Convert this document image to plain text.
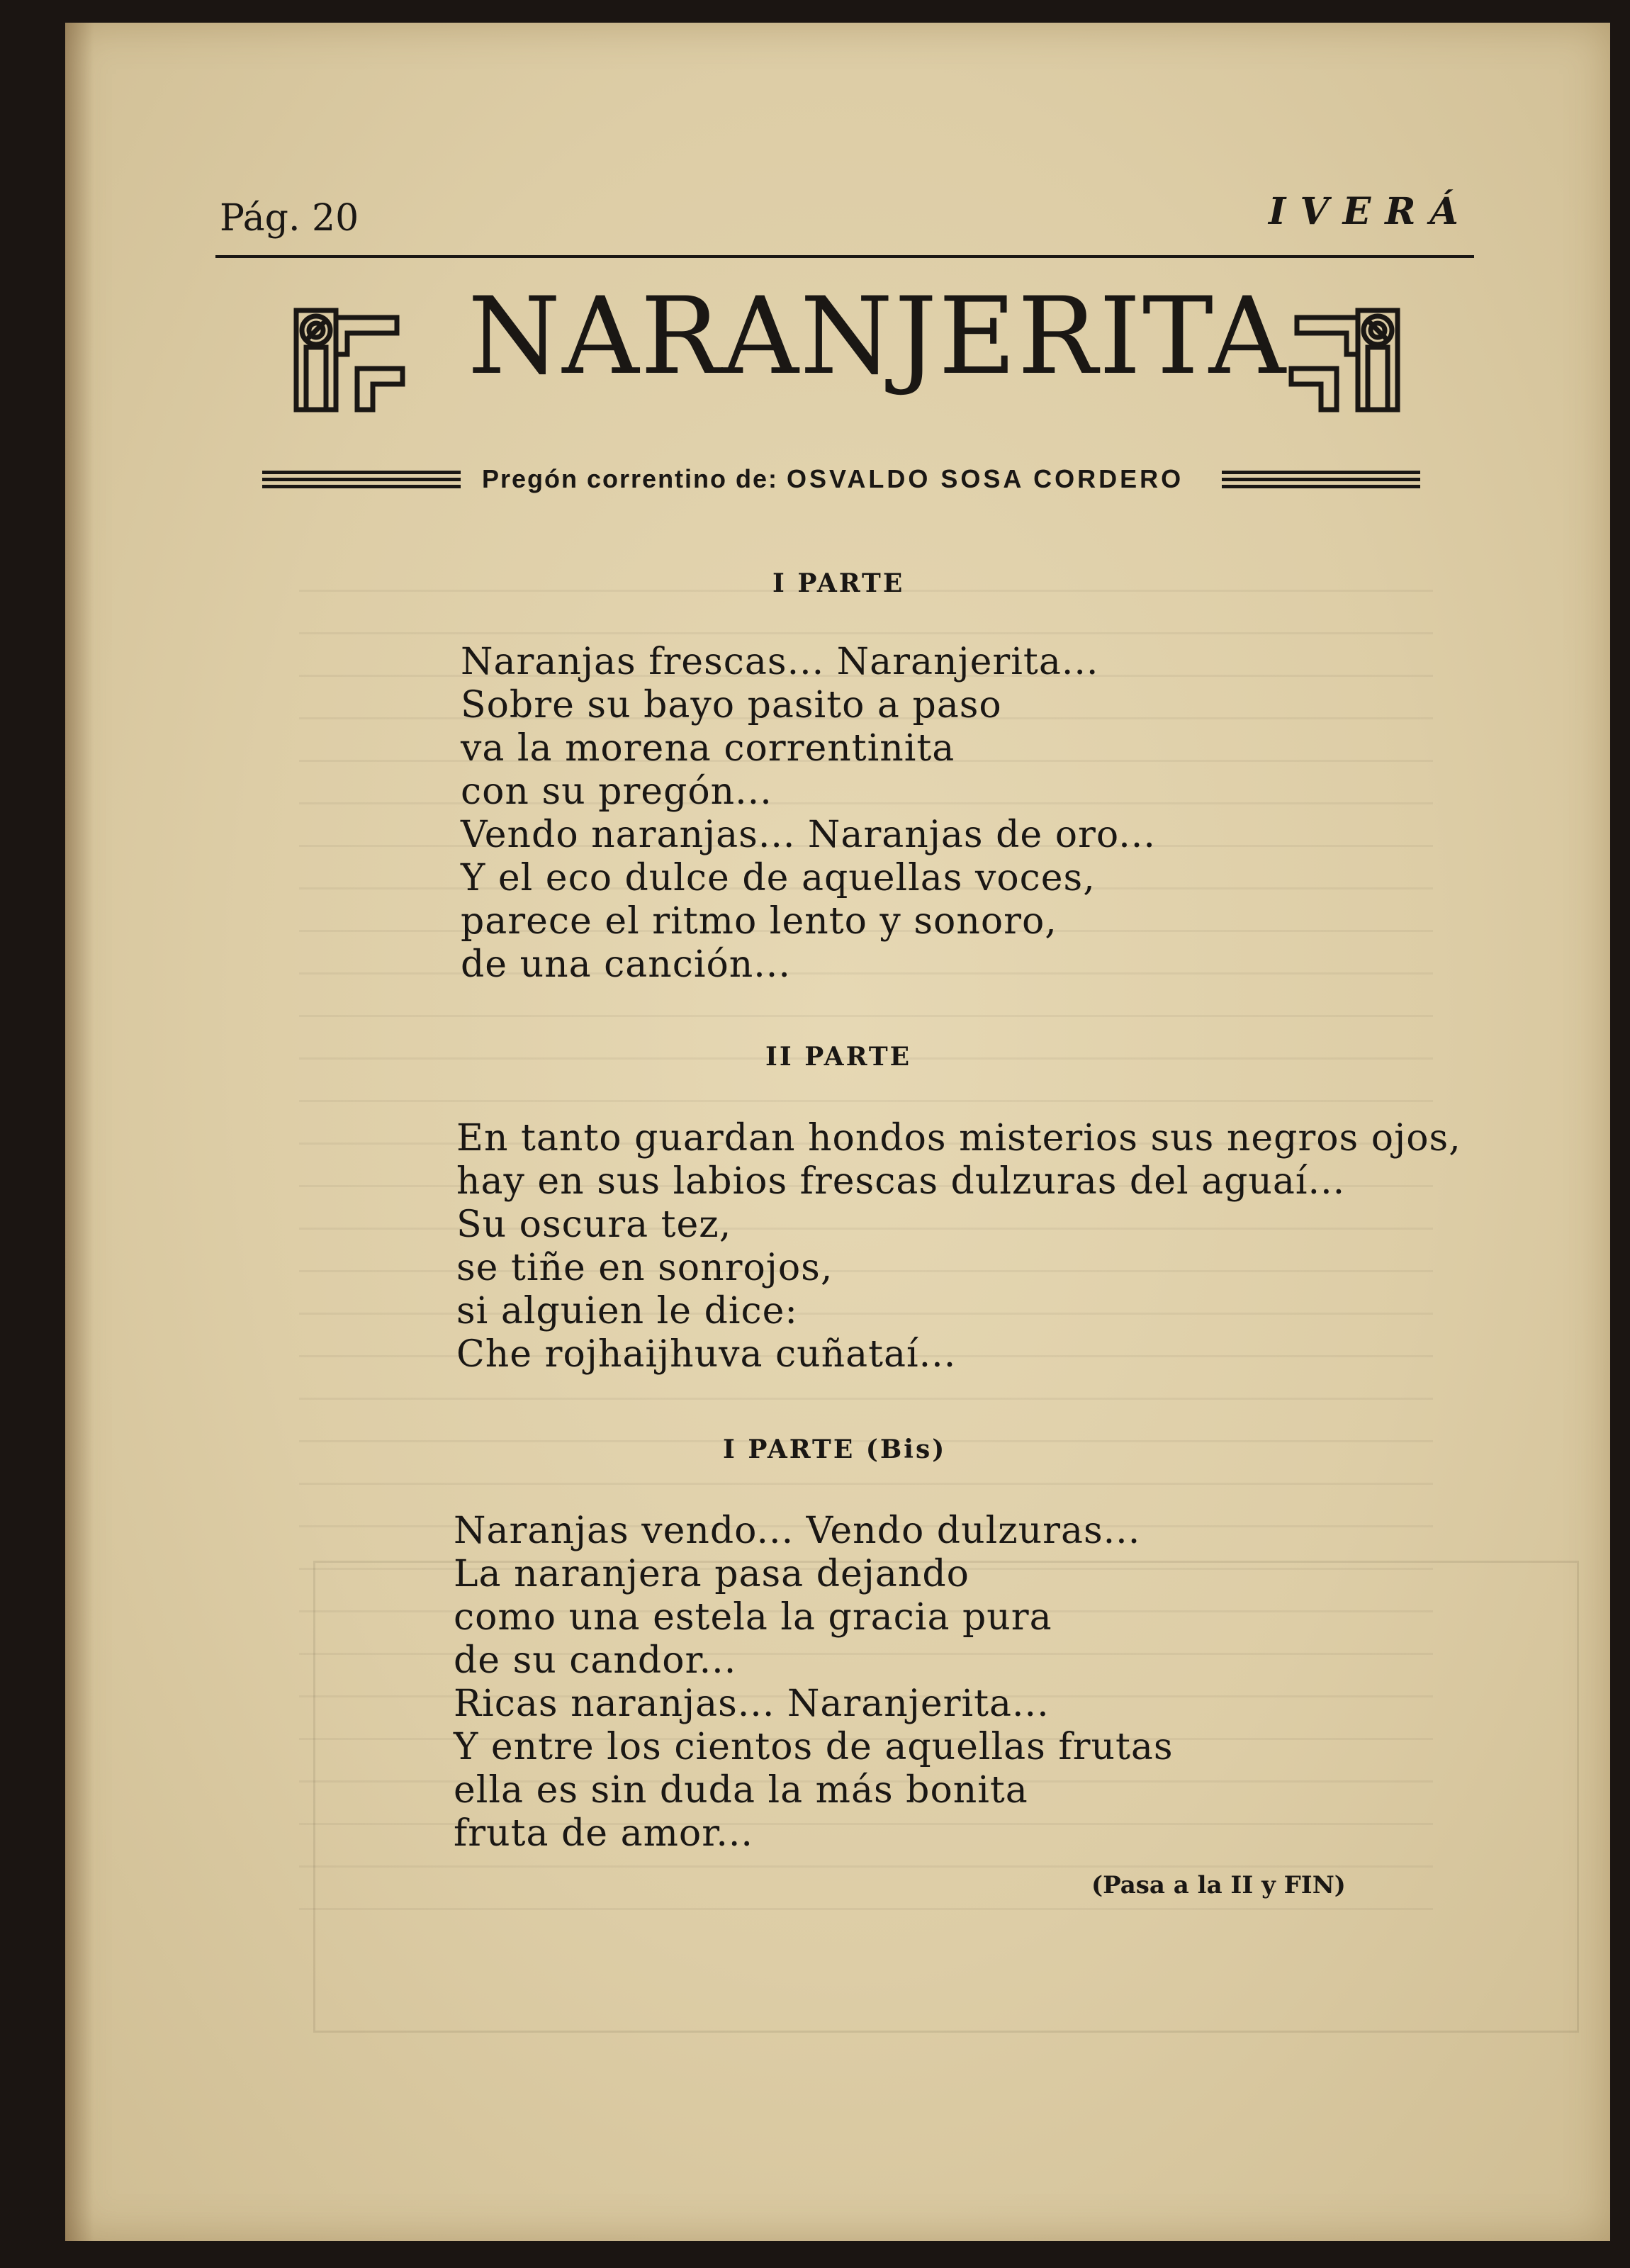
Pág. 20	IVERÁ
NARANJERITA
Pregón correntino de: OSVALDO SOSA CORDERO
I PARTE
Naranjas frescas... Naranjerita...
Sobre su bayo pasito a paso
va la morena correntinita
con su pregón...
Vendo naranjas... Naranjas de oro...
Y el eco dulce de aquellas voces,
parece el ritmo lento y sonoro,
de una canción...
II PARTE
En tanto guardan hondos misterios sus negros ojos,
hay en sus labios frescas dulzuras del aguaí...
Su oscura tez,
se tiñe en sonrojos,
si alguien le dice:
Che rojhaijhuva cuñataí...
I PARTE (Bis)
Naranjas vendo... Vendo dulzuras...
La naranjera pasa dejando
como una estela la gracia pura
de su candor...
Ricas naranjas... Naranjerita...
Y entre los cientos de aquellas frutas
ella es sin duda la más bonita
fruta de amor...
(Pasa a la II y FIN)
